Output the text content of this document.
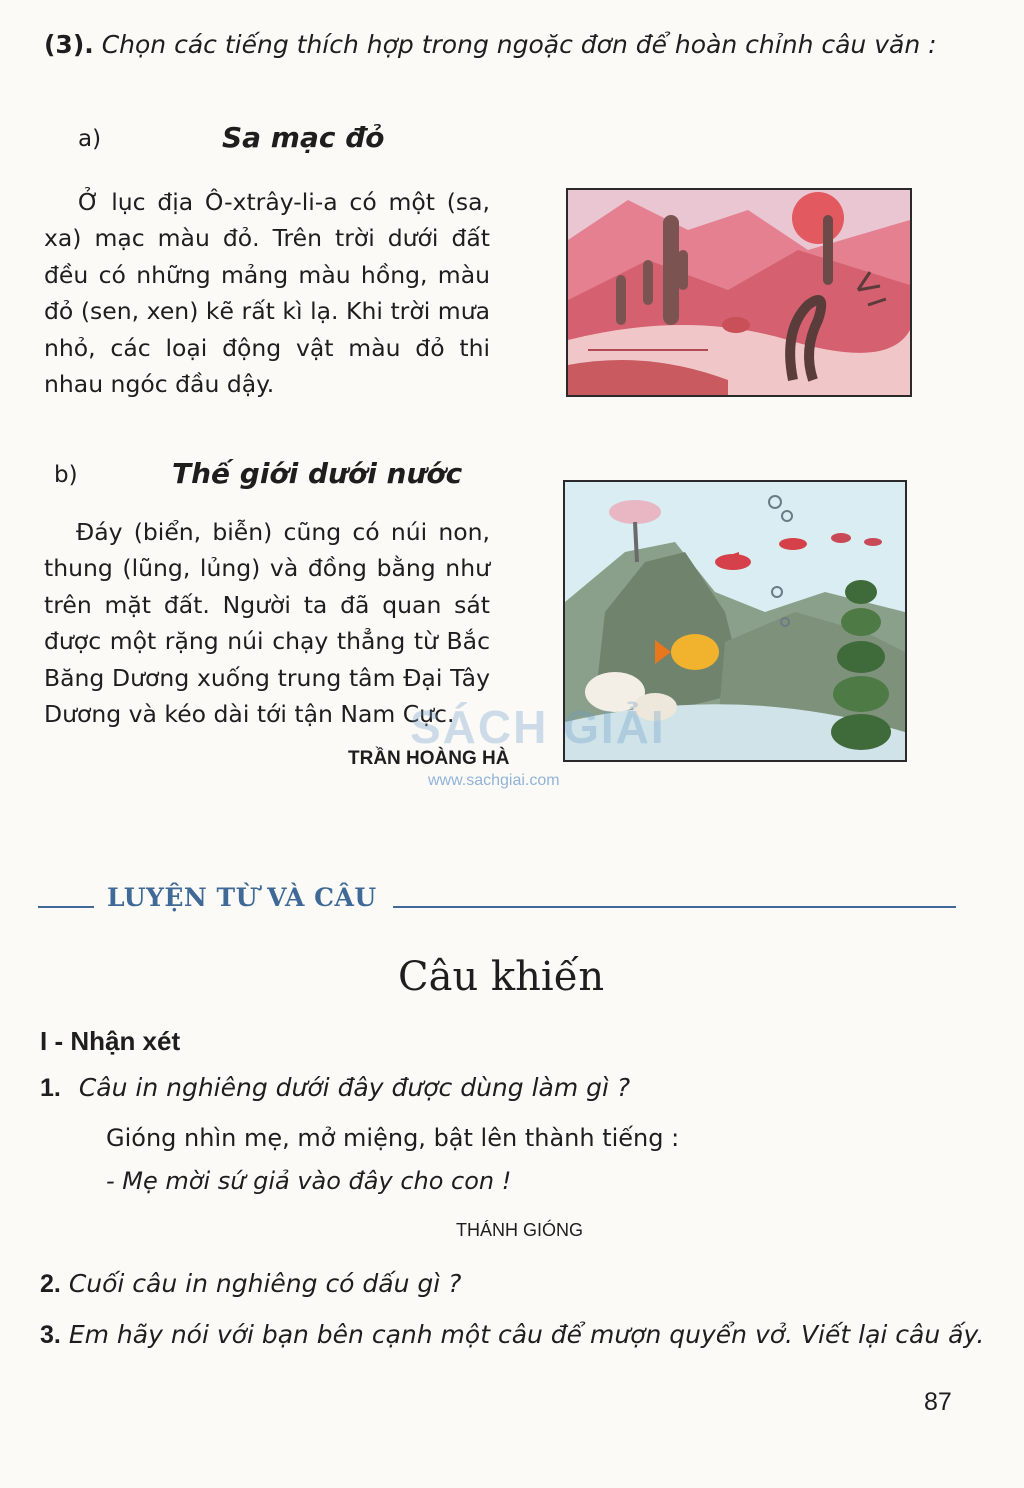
(3). Chọn các tiếng thích hợp trong ngoặc đơn để hoàn chỉnh câu văn :
a)	Sa mạc đỏ
Ở lục địa Ô-xtrây-li-a có một (sa, xa) mạc màu đỏ. Trên trời dưới đất đều có những mảng màu hồng, màu đỏ (sen, xen) kẽ rất kì lạ. Khi trời mưa nhỏ, các loại động vật màu đỏ thi nhau ngóc đầu dậy.
b)	Thế giới dưới nước
Đáy (biển, biễn) cũng có núi non, thung (lũng, lủng) và đồng bằng như trên mặt đất. Người ta đã quan sát được một rặng núi chạy thẳng từ Bắc Băng Dương xuống trung tâm Đại Tây Dương và kéo dài tới tận Nam Cực.
TRẦN HOÀNG HÀ
SÁCH GIẢI
www.sachgiai.com
LUYỆN TỪ VÀ CÂU
Câu khiến
I - Nhận xét
1. Câu in nghiêng dưới đây được dùng làm gì ?
Gióng nhìn mẹ, mở miệng, bật lên thành tiếng :
- Mẹ mời sứ giả vào đây cho con !
THÁNH GIÓNG
2. Cuối câu in nghiêng có dấu gì ?
3. Em hãy nói với bạn bên cạnh một câu để mượn quyển vở. Viết lại câu ấy.
87
